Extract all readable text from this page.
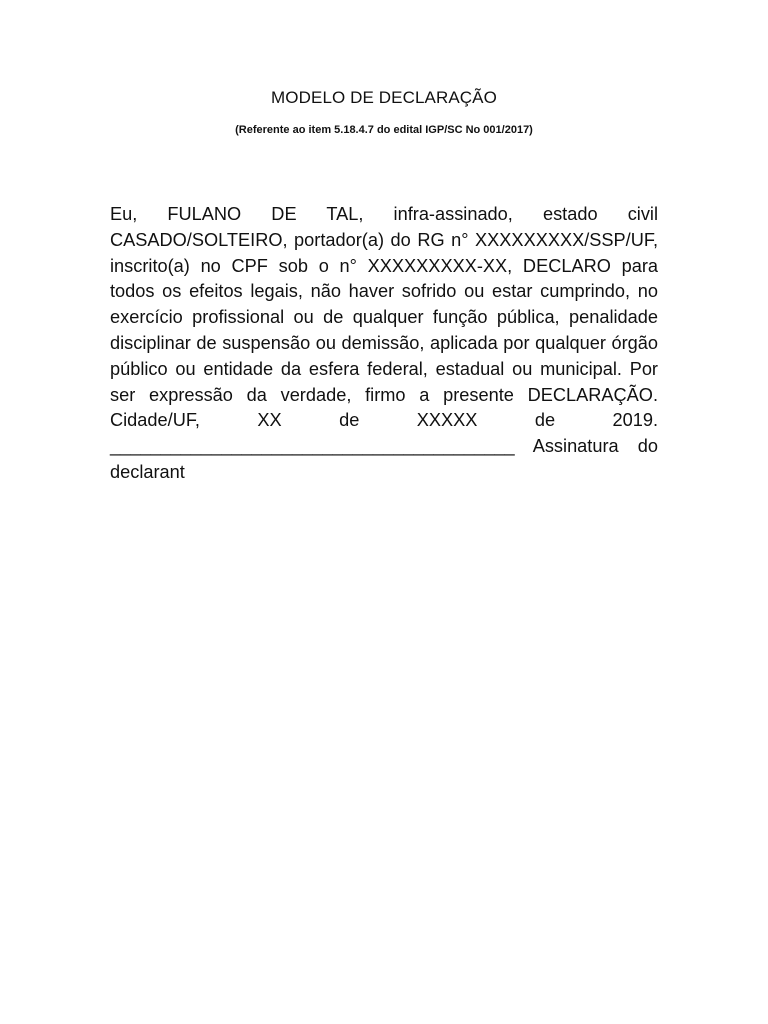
MODELO DE DECLARAÇÃO
(Referente ao item 5.18.4.7 do edital IGP/SC No 001/2017)
Eu, FULANO DE TAL, infra-assinado, estado civil CASADO/SOLTEIRO, portador(a) do RG n° XXXXXXXXX/SSP/UF, inscrito(a) no CPF sob o n° XXXXXXXXX-XX, DECLARO para todos os efeitos legais, não haver sofrido ou estar cumprindo, no exercício profissional ou de qualquer função pública, penalidade disciplinar de suspensão ou demissão, aplicada por qualquer órgão público ou entidade da esfera federal, estadual ou municipal. Por ser expressão da verdade, firmo a presente DECLARAÇÃO. Cidade/UF, XX de XXXXX de 2019. ________________________________________ Assinatura do declarant
